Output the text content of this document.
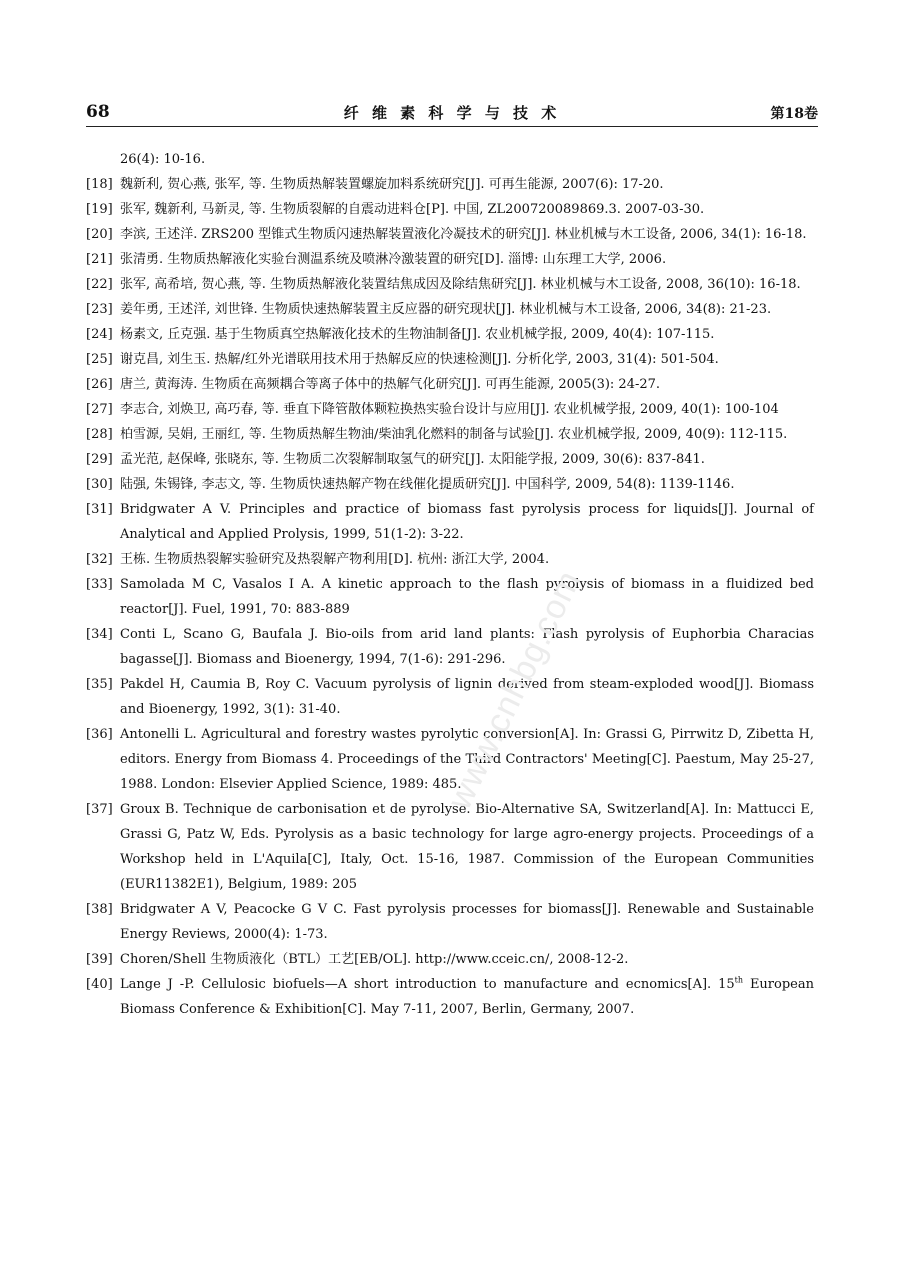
68	纤 维 素 科 学 与 技 术	第18卷
26(4): 10-16.
[18] 魏新利, 贺心燕, 张军, 等. 生物质热解装置螺旋加料系统研究[J]. 可再生能源, 2007(6): 17-20.
[19] 张军, 魏新利, 马新灵, 等. 生物质裂解的自震动进料仓[P]. 中国, ZL200720089869.3. 2007-03-30.
[20] 李滨, 王述洋. ZRS200 型锥式生物质闪速热解装置液化冷凝技术的研究[J]. 林业机械与木工设备, 2006, 34(1): 16-18.
[21] 张清勇. 生物质热解液化实验台测温系统及喷淋冷激装置的研究[D]. 淄博: 山东理工大学, 2006.
[22] 张军, 高希培, 贺心燕, 等. 生物质热解液化装置结焦成因及除结焦研究[J]. 林业机械与木工设备, 2008, 36(10): 16-18.
[23] 姜年勇, 王述洋, 刘世锋. 生物质快速热解装置主反应器的研究现状[J]. 林业机械与木工设备, 2006, 34(8): 21-23.
[24] 杨素文, 丘克强. 基于生物质真空热解液化技术的生物油制备[J]. 农业机械学报, 2009, 40(4): 107-115.
[25] 谢克昌, 刘生玉. 热解/红外光谱联用技术用于热解反应的快速检测[J]. 分析化学, 2003, 31(4): 501-504.
[26] 唐兰, 黄海涛. 生物质在高频耦合等离子体中的热解气化研究[J]. 可再生能源, 2005(3): 24-27.
[27] 李志合, 刘焕卫, 高巧春, 等. 垂直下降管散体颗粒换热实验台设计与应用[J]. 农业机械学报, 2009, 40(1): 100-104
[28] 柏雪源, 吴娟, 王丽红, 等. 生物质热解生物油/柴油乳化燃料的制备与试验[J]. 农业机械学报, 2009, 40(9): 112-115.
[29] 孟光范, 赵保峰, 张晓东, 等. 生物质二次裂解制取氢气的研究[J]. 太阳能学报, 2009, 30(6): 837-841.
[30] 陆强, 朱锡锋, 李志文, 等. 生物质快速热解产物在线催化提质研究[J]. 中国科学, 2009, 54(8): 1139-1146.
[31] Bridgwater A V. Principles and practice of biomass fast pyrolysis process for liquids[J]. Journal of Analytical and Applied Prolysis, 1999, 51(1-2): 3-22.
[32] 王栋. 生物质热裂解实验研究及热裂解产物利用[D]. 杭州: 浙江大学, 2004.
[33] Samolada M C, Vasalos I A. A kinetic approach to the flash pyrolysis of biomass in a fluidized bed reactor[J]. Fuel, 1991, 70: 883-889
[34] Conti L, Scano G, Baufala J. Bio-oils from arid land plants: Flash pyrolysis of Euphorbia Characias bagasse[J]. Biomass and Bioenergy, 1994, 7(1-6): 291-296.
[35] Pakdel H, Caumia B, Roy C. Vacuum pyrolysis of lignin derived from steam-exploded wood[J]. Biomass and Bioenergy, 1992, 3(1): 31-40.
[36] Antonelli L. Agricultural and forestry wastes pyrolytic conversion[A]. In: Grassi G, Pirrwitz D, Zibetta H, editors. Energy from Biomass 4. Proceedings of the Third Contractors' Meeting[C]. Paestum, May 25-27, 1988. London: Elsevier Applied Science, 1989: 485.
[37] Groux B. Technique de carbonisation et de pyrolyse. Bio-Alternative SA, Switzerland[A]. In: Mattucci E, Grassi G, Patz W, Eds. Pyrolysis as a basic technology for large agro-energy projects. Proceedings of a Workshop held in L'Aquila[C], Italy, Oct. 15-16, 1987. Commission of the European Communities (EUR11382E1), Belgium, 1989: 205
[38] Bridgwater A V, Peacocke G V C. Fast pyrolysis processes for biomass[J]. Renewable and Sustainable Energy Reviews, 2000(4): 1-73.
[39] Choren/Shell 生物质液化（BTL）工艺[EB/OL]. http://www.cceic.cn/, 2008-12-2.
[40] Lange J -P. Cellulosic biofuels—A short introduction to manufacture and ecnomics[A]. 15th European Biomass Conference & Exhibition[C]. May 7-11, 2007, Berlin, Germany, 2007.
www.cnhbg.com
